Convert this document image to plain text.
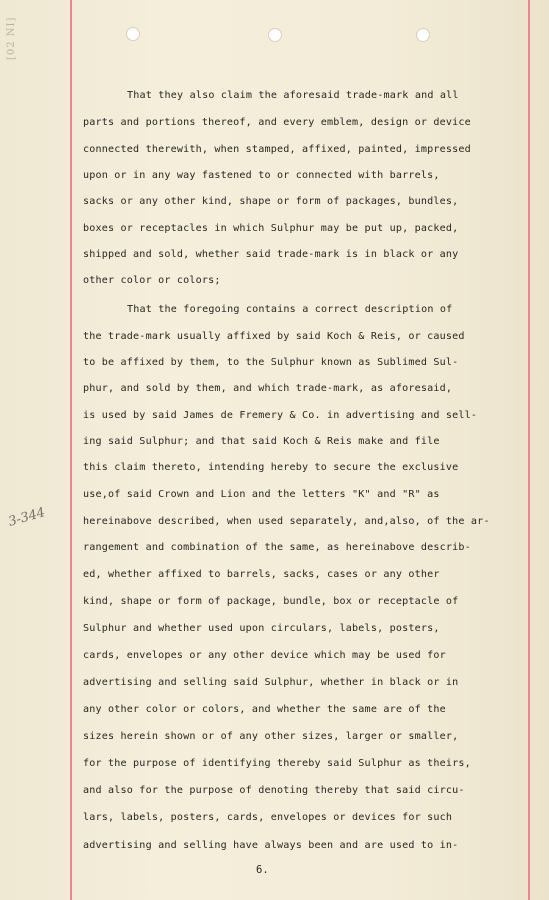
[02 NI]
3-344
That they also claim the aforesaid trade-mark and all
parts and portions thereof, and every emblem, design or device
connected therewith, when stamped, affixed, painted, impressed
upon or in any way fastened to or connected with barrels,
sacks or any other kind, shape or form of packages, bundles,
boxes or receptacles in which Sulphur may be put up, packed,
shipped and sold, whether said trade-mark is in black or any
other color or colors;
That the foregoing contains a correct description of
the trade-mark usually affixed by said Koch & Reis, or caused
to be affixed by them, to the Sulphur known as Sublimed Sul-
phur, and sold by them, and which trade-mark, as aforesaid,
is used by said James de Fremery & Co. in advertising and sell-
ing said Sulphur; and that said Koch & Reis make and file
this claim thereto, intending hereby to secure the exclusive
use,of said Crown and Lion and the letters "K" and "R" as
hereinabove described, when used separately, and,also, of the ar-
rangement and combination of the same, as hereinabove describ-
ed, whether affixed to barrels, sacks, cases or any other
kind, shape or form of package, bundle, box or receptacle of
Sulphur and whether used upon circulars, labels, posters,
cards, envelopes or any other device which may be used for
advertising and selling said Sulphur, whether in black or in
any other color or colors, and whether the same are of the
sizes herein shown or of any other sizes, larger or smaller,
for the purpose of identifying thereby said Sulphur as theirs,
and also for the purpose of denoting thereby that said circu-
lars, labels, posters, cards, envelopes or devices for such
advertising and selling have always been and are used to in-
6.
